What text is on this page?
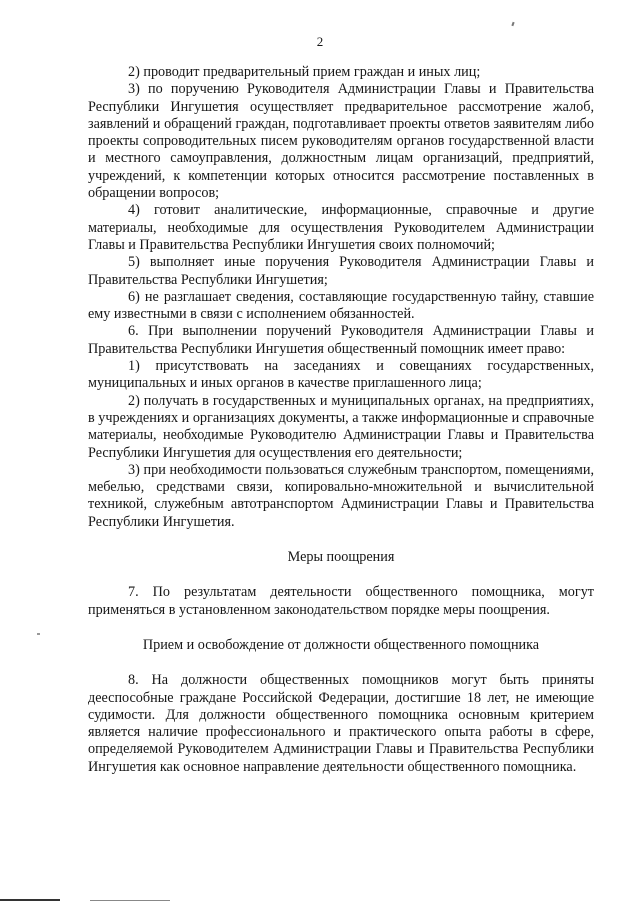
2

2) проводит предварительный прием граждан и иных лиц;

3) по поручению Руководителя Администрации Главы и Правительства Республики Ингушетия осуществляет предварительное рассмотрение жалоб, заявлений и обращений граждан, подготавливает проекты ответов заявителям либо проекты сопроводительных писем руководителям органов государственной власти и местного самоуправления, должностным лицам организаций, предприятий, учреждений, к компетенции которых относится рассмотрение поставленных в обращении вопросов;

4) готовит аналитические, информационные, справочные и другие материалы, необходимые для осуществления Руководителем Администрации Главы и Правительства Республики Ингушетия своих полномочий;

5) выполняет иные поручения Руководителя Администрации Главы и Правительства Республики Ингушетия;

6) не разглашает сведения, составляющие государственную тайну, ставшие ему известными в связи с исполнением обязанностей.

6. При выполнении поручений Руководителя Администрации Главы и Правительства Республики Ингушетия общественный помощник имеет право:

1) присутствовать на заседаниях и совещаниях государственных, муниципальных и иных органов в качестве приглашенного лица;

2) получать в государственных и муниципальных органах, на предприятиях, в учреждениях и организациях документы, а также информационные и справочные материалы, необходимые Руководителю Администрации Главы и Правительства Республики Ингушетия для осуществления его деятельности;

3) при необходимости пользоваться служебным транспортом, помещениями, мебелью, средствами связи, копировально-множительной и вычислительной техникой, служебным автотранспортом Администрации Главы и Правительства Республики Ингушетия.

Меры поощрения

7. По результатам деятельности общественного помощника, могут применяться в установленном законодательством порядке меры поощрения.

Прием и освобождение от должности общественного помощника

8. На должности общественных помощников могут быть приняты дееспособные граждане Российской Федерации, достигшие 18 лет, не имеющие судимости. Для должности общественного помощника основным критерием является наличие профессионального и практического опыта работы в сфере, определяемой Руководителем Администрации Главы и Правительства Республики Ингушетия как основное направление деятельности общественного помощника.
